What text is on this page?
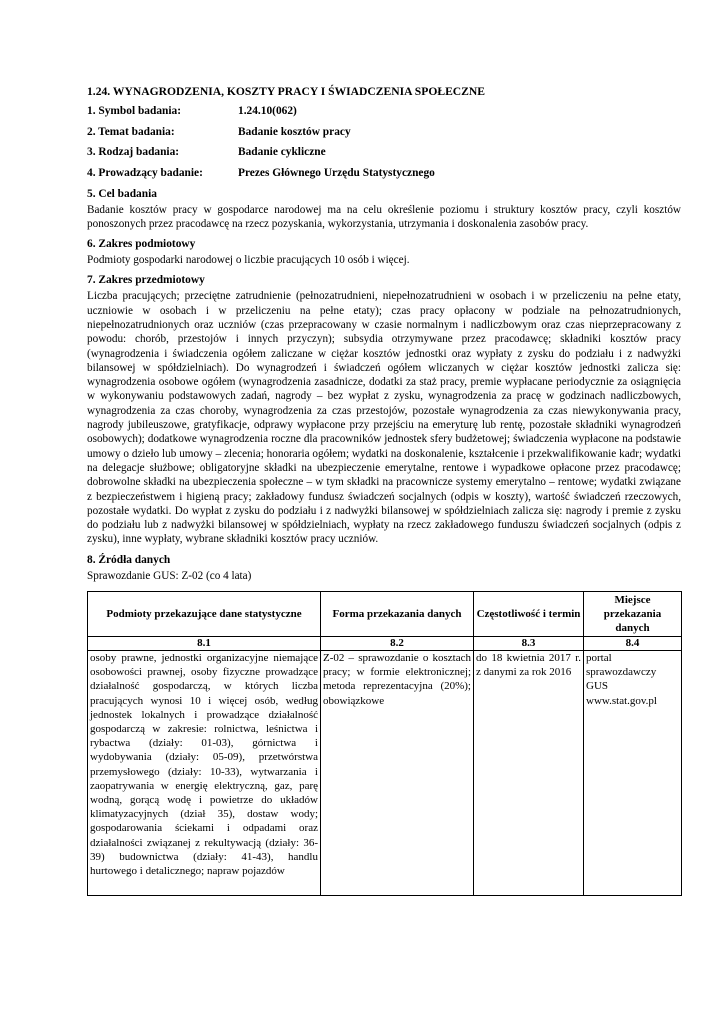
1.24. WYNAGRODZENIA, KOSZTY PRACY I ŚWIADCZENIA SPOŁECZNE
1. Symbol badania:	1.24.10(062)
2. Temat badania:	Badanie kosztów pracy
3. Rodzaj badania:	Badanie cykliczne
4. Prowadzący badanie:	Prezes Głównego Urzędu Statystycznego
5. Cel badania

Badanie kosztów pracy w gospodarce narodowej ma na celu określenie poziomu i struktury kosztów pracy, czyli kosztów ponoszonych przez pracodawcę na rzecz pozyskania, wykorzystania, utrzymania i doskonalenia zasobów pracy.

6. Zakres podmiotowy

Podmioty gospodarki narodowej o liczbie pracujących 10 osób i więcej.

7. Zakres przedmiotowy

Liczba pracujących; przeciętne zatrudnienie (pełnozatrudnieni, niepełnozatrudnieni w osobach i w przeliczeniu na pełne etaty, uczniowie w osobach i w przeliczeniu na pełne etaty); czas pracy opłacony w podziale na pełnozatrudnionych, niepełnozatrudnionych oraz uczniów (czas przepracowany w czasie normalnym i nadliczbowym oraz czas nieprzepracowany z powodu: chorób, przestojów i innych przyczyn); subsydia otrzymywane przez pracodawcę; składniki kosztów pracy (wynagrodzenia i świadczenia ogółem zaliczane w ciężar kosztów jednostki oraz wypłaty z zysku do podziału i z nadwyżki bilansowej w spółdzielniach). Do wynagrodzeń i świadczeń ogółem wliczanych w ciężar kosztów jednostki zalicza się: wynagrodzenia osobowe ogółem (wynagrodzenia zasadnicze, dodatki za staż pracy, premie wypłacane periodycznie za osiągnięcia w wykonywaniu podstawowych zadań, nagrody – bez wypłat z zysku, wynagrodzenia za pracę w godzinach nadliczbowych, wynagrodzenia za czas choroby, wynagrodzenia za czas przestojów, pozostałe wynagrodzenia za czas niewykonywania pracy, nagrody jubileuszowe, gratyfikacje, odprawy wypłacone przy przejściu na emeryturę lub rentę, pozostałe składniki wynagrodzeń osobowych); dodatkowe wynagrodzenia roczne dla pracowników jednostek sfery budżetowej; świadczenia wypłacone na podstawie umowy o dzieło lub umowy – zlecenia; honoraria ogółem; wydatki na doskonalenie, kształcenie i przekwalifikowanie kadr; wydatki na delegacje służbowe; obligatoryjne składki na ubezpieczenie emerytalne, rentowe i wypadkowe opłacone przez pracodawcę; dobrowolne składki na ubezpieczenia społeczne – w tym składki na pracownicze systemy emerytalno – rentowe; wydatki związane z bezpieczeństwem i higieną pracy; zakładowy fundusz świadczeń socjalnych (odpis w koszty), wartość świadczeń rzeczowych, pozostałe wydatki. Do wypłat z zysku do podziału i z nadwyżki bilansowej w spółdzielniach zalicza się: nagrody i premie z zysku do podziału lub z nadwyżki bilansowej w spółdzielniach, wypłaty na rzecz zakładowego funduszu świadczeń socjalnych (odpis z zysku), inne wypłaty, wybrane składniki kosztów pracy uczniów.

8. Źródła danych

Sprawozdanie GUS: Z-02 (co 4 lata)

Podmioty przekazujące dane statystyczne	Forma przekazania danych	Częstotliwość i termin	Miejsce przekazania danych
8.1	8.2	8.3	8.4
osoby prawne, jednostki organizacyjne niemające osobowości prawnej, osoby fizyczne prowadzące działalność gospodarczą, w których liczba pracujących wynosi 10 i więcej osób, według jednostek lokalnych i prowadzące działalność gospodarczą w zakresie: rolnictwa, leśnictwa i rybactwa (działy: 01-03), górnictwa i wydobywania (działy: 05-09), przetwórstwa przemysłowego (działy: 10-33), wytwarzania i zaopatrywania w energię elektryczną, gaz, parę wodną, gorącą wodę i powietrze do układów klimatyzacyjnych (dział 35), dostaw wody; gospodarowania ściekami i odpadami oraz działalności związanej z rekultywacją (działy: 36-39) budownictwa (działy: 41-43), handlu hurtowego i detalicznego; napraw pojazdów	Z-02 – sprawozdanie o kosztach pracy; w formie elektronicznej; metoda reprezentacyjna (20%); obowiązkowe	do 18 kwietnia 2017 r. z danymi za rok 2016	portal sprawozdawczy GUS www.stat.gov.pl
